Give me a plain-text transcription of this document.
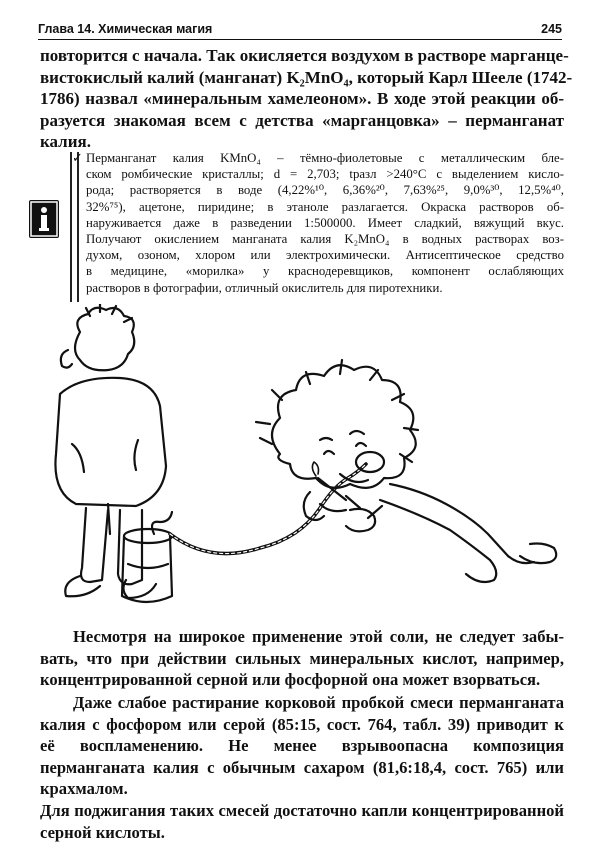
Глава 14. Химическая магия	245
повторится с начала. Так окисляется воздухом в растворе марганце-
вистокислый калий (манганат) K₂MnO₄, который Карл Шееле (1742-
1786) назвал «минеральным хамелеоном». В ходе этой реакции об-
разуется знакомая всем с детства «марганцовка» – перманганат
калия.
✓ Перманганат калия KMnO₄ – тёмно-фиолетовые с металлическим бле-
ском ромбические кристаллы; d = 2,703; tразл >240°С с выделением кисло-
рода; растворяется в воде (4,22%¹⁰, 6,36%²⁰, 7,63%²⁵, 9,0%³⁰, 12,5%⁴⁰,
32%⁷⁵), ацетоне, пиридине; в этаноле разлагается. Окраска растворов об-
наруживается даже в разведении 1:500000. Имеет сладкий, вяжущий вкус.
Получают окислением манганата калия K₂MnO₄ в водных растворах воз-
духом, озоном, хлором или электрохимически. Антисептическое средство
в медицине, «морилка» у краснодеревщиков, компонент ослабляющих
растворов в фотографии, отличный окислитель для пиротехники.
Несмотря на широкое применение этой соли, не следует забы-
вать, что при действии сильных минеральных кислот, например,
концентрированной серной или фосфорной она может взорваться.
Даже слабое растирание корковой пробкой смеси перманганата
калия с фосфором или серой (85:15, сост. 764, табл. 39) приводит к
её воспламенению. Не менее взрывоопасна композиция перманганата калия с обычным сахаром (81,6:18,4, сост. 765) или крахмалом.
Для поджигания таких смесей достаточно капли концентрированной
серной кислоты.
